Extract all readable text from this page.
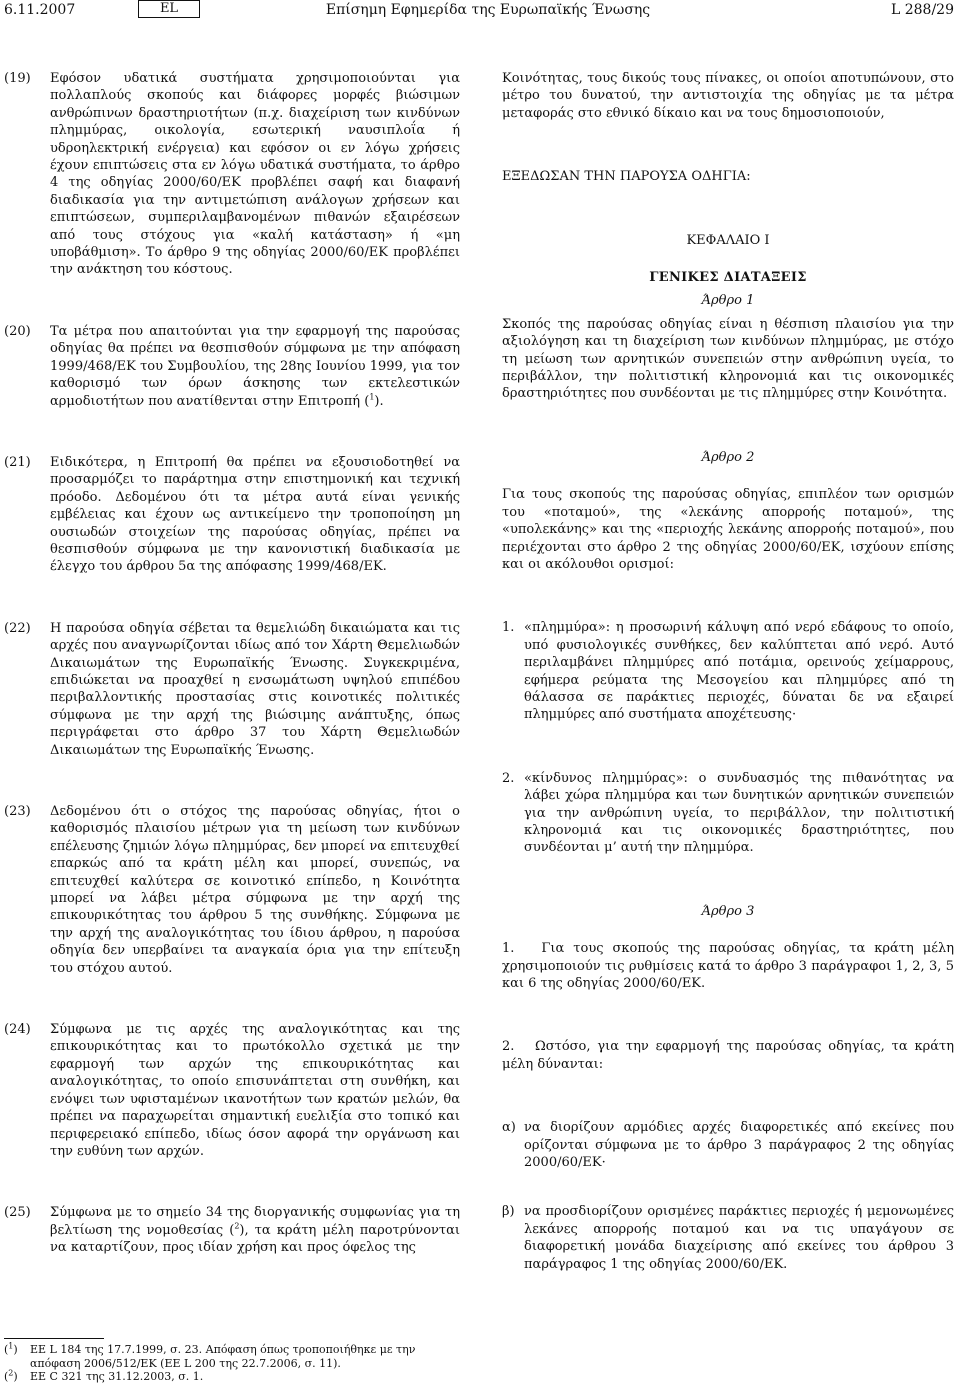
6.11.2007	EL	Επίσημη Εφημερίδα της Ευρωπαϊκής Ένωσης	L 288/29
(19) Εφόσον υδατικά συστήματα χρησιμοποιούνται για πολλαπλούς σκοπούς και διάφορες μορφές βιώσιμων ανθρώπινων δραστηριοτήτων (π.χ. διαχείριση των κινδύνων πλημμύρας, οικολογία, εσωτερική ναυσιπλοΐα ή υδροηλεκτρική ενέργεια) και εφόσον οι εν λόγω χρήσεις έχουν επιπτώσεις στα εν λόγω υδατικά συστήματα, το άρθρο 4 της οδηγίας 2000/60/ΕΚ προβλέπει σαφή και διαφανή διαδικασία για την αντιμετώπιση ανάλογων χρήσεων και επιπτώσεων, συμπεριλαμβανομένων πιθανών εξαιρέσεων από τους στόχους για «καλή κατάσταση» ή «μη υποβάθμιση». Το άρθρο 9 της οδηγίας 2000/60/ΕΚ προβλέπει την ανάκτηση του κόστους.

(20) Τα μέτρα που απαιτούνται για την εφαρμογή της παρούσας οδηγίας θα πρέπει να θεσπισθούν σύμφωνα με την απόφαση 1999/468/ΕΚ του Συμβουλίου, της 28ης Ιουνίου 1999, για τον καθορισμό των όρων άσκησης των εκτελεστικών αρμοδιοτήτων που ανατίθενται στην Επιτροπή ($^1$).

(21) Ειδικότερα, η Επιτροπή θα πρέπει να εξουσιοδοτηθεί να προσαρμόζει το παράρτημα στην επιστημονική και τεχνική πρόοδο. Δεδομένου ότι τα μέτρα αυτά είναι γενικής εμβέλειας και έχουν ως αντικείμενο την τροποποίηση μη ουσιωδών στοιχείων της παρούσας οδηγίας, πρέπει να θεσπισθούν σύμφωνα με την κανονιστική διαδικασία με έλεγχο του άρθρου 5α της απόφασης 1999/468/ΕΚ.

(22) Η παρούσα οδηγία σέβεται τα θεμελιώδη δικαιώματα και τις αρχές που αναγνωρίζονται ιδίως από τον Χάρτη Θεμελιωδών Δικαιωμάτων της Ευρωπαϊκής Ένωσης. Συγκεκριμένα, επιδιώκεται να προαχθεί η ενσωμάτωση υψηλού επιπέδου περιβαλλοντικής προστασίας στις κοινοτικές πολιτικές σύμφωνα με την αρχή της βιώσιμης ανάπτυξης, όπως περιγράφεται στο άρθρο 37 του Χάρτη Θεμελιωδών Δικαιωμάτων της Ευρωπαϊκής Ένωσης.

(23) Δεδομένου ότι ο στόχος της παρούσας οδηγίας, ήτοι ο καθορισμός πλαισίου μέτρων για τη μείωση των κινδύνων επέλευσης ζημιών λόγω πλημμύρας, δεν μπορεί να επιτευχθεί επαρκώς από τα κράτη μέλη και μπορεί, συνεπώς, να επιτευχθεί καλύτερα σε κοινοτικό επίπεδο, η Κοινότητα μπορεί να λάβει μέτρα σύμφωνα με την αρχή της επικουρικότητας του άρθρου 5 της συνθήκης. Σύμφωνα με την αρχή της αναλογικότητας του ίδιου άρθρου, η παρούσα οδηγία δεν υπερβαίνει τα αναγκαία όρια για την επίτευξη του στόχου αυτού.

(24) Σύμφωνα με τις αρχές της αναλογικότητας και της επικουρικότητας και το πρωτόκολλο σχετικά με την εφαρμογή των αρχών της επικουρικότητας και αναλογικότητας, το οποίο επισυνάπτεται στη συνθήκη, και ενόψει των υφισταμένων ικανοτήτων των κρατών μελών, θα πρέπει να παραχωρείται σημαντική ευελιξία στο τοπικό και περιφερειακό επίπεδο, ιδίως όσον αφορά την οργάνωση και την ευθύνη των αρχών.

(25) Σύμφωνα με το σημείο 34 της διοργανικής συμφωνίας για τη βελτίωση της νομοθεσίας ($^2$), τα κράτη μέλη παροτρύνονται να καταρτίζουν, προς ιδίαν χρήση και προς όφελος της

($^1$) ΕΕ L 184 της 17.7.1999, σ. 23. Απόφαση όπως τροποποιήθηκε με την απόφαση 2006/512/ΕΚ (ΕΕ L 200 της 22.7.2006, σ. 11).
($^2$) ΕΕ C 321 της 31.12.2003, σ. 1.

Κοινότητας, τους δικούς τους πίνακες, οι οποίοι αποτυπώνουν, στο μέτρο του δυνατού, την αντιστοιχία της οδηγίας με τα μέτρα μεταφοράς στο εθνικό δίκαιο και να τους δημοσιοποιούν,

ΕΞΕΔΩΣΑΝ ΤΗΝ ΠΑΡΟΥΣΑ ΟΔΗΓΙΑ:

ΚΕΦΑΛΑΙΟ I

ΓΕΝΙΚΕΣ ΔΙΑΤΑΞΕΙΣ

Άρθρο 1

Σκοπός της παρούσας οδηγίας είναι η θέσπιση πλαισίου για την αξιολόγηση και τη διαχείριση των κινδύνων πλημμύρας, με στόχο τη μείωση των αρνητικών συνεπειών στην ανθρώπινη υγεία, το περιβάλλον, την πολιτιστική κληρονομιά και τις οικονομικές δραστηριότητες που συνδέονται με τις πλημμύρες στην Κοινότητα.

Άρθρο 2

Για τους σκοπούς της παρούσας οδηγίας, επιπλέον των ορισμών του «ποταμού», της «λεκάνης απορροής ποταμού», της «υπολεκάνης» και της «περιοχής λεκάνης απορροής ποταμού», που περιέχονται στο άρθρο 2 της οδηγίας 2000/60/ΕΚ, ισχύουν επίσης και οι ακόλουθοι ορισμοί:

1. «πλημμύρα»: η προσωρινή κάλυψη από νερό εδάφους το οποίο, υπό φυσιολογικές συνθήκες, δεν καλύπτεται από νερό. Αυτό περιλαμβάνει πλημμύρες από ποτάμια, ορεινούς χείμαρρους, εφήμερα ρεύματα της Μεσογείου και πλημμύρες από τη θάλασσα σε παράκτιες περιοχές, δύναται δε να εξαιρεί πλημμύρες από συστήματα αποχέτευσης·

2. «κίνδυνος πλημμύρας»: ο συνδυασμός της πιθανότητας να λάβει χώρα πλημμύρα και των δυνητικών αρνητικών συνεπειών για την ανθρώπινη υγεία, το περιβάλλον, την πολιτιστική κληρονομιά και τις οικονομικές δραστηριότητες, που συνδέονται μ’ αυτή την πλημμύρα.

Άρθρο 3

1.   Για τους σκοπούς της παρούσας οδηγίας, τα κράτη μέλη χρησιμοποιούν τις ρυθμίσεις κατά το άρθρο 3 παράγραφοι 1, 2, 3, 5 και 6 της οδηγίας 2000/60/ΕΚ.

2.   Ωστόσο, για την εφαρμογή της παρούσας οδηγίας, τα κράτη μέλη δύνανται:

α) να διορίζουν αρμόδιες αρχές διαφορετικές από εκείνες που ορίζονται σύμφωνα με το άρθρο 3 παράγραφος 2 της οδηγίας 2000/60/ΕΚ·

β) να προσδιορίζουν ορισμένες παράκτιες περιοχές ή μεμονωμένες λεκάνες απορροής ποταμού και να τις υπαγάγουν σε διαφορετική μονάδα διαχείρισης από εκείνες του άρθρου 3 παράγραφος 1 της οδηγίας 2000/60/ΕΚ.
